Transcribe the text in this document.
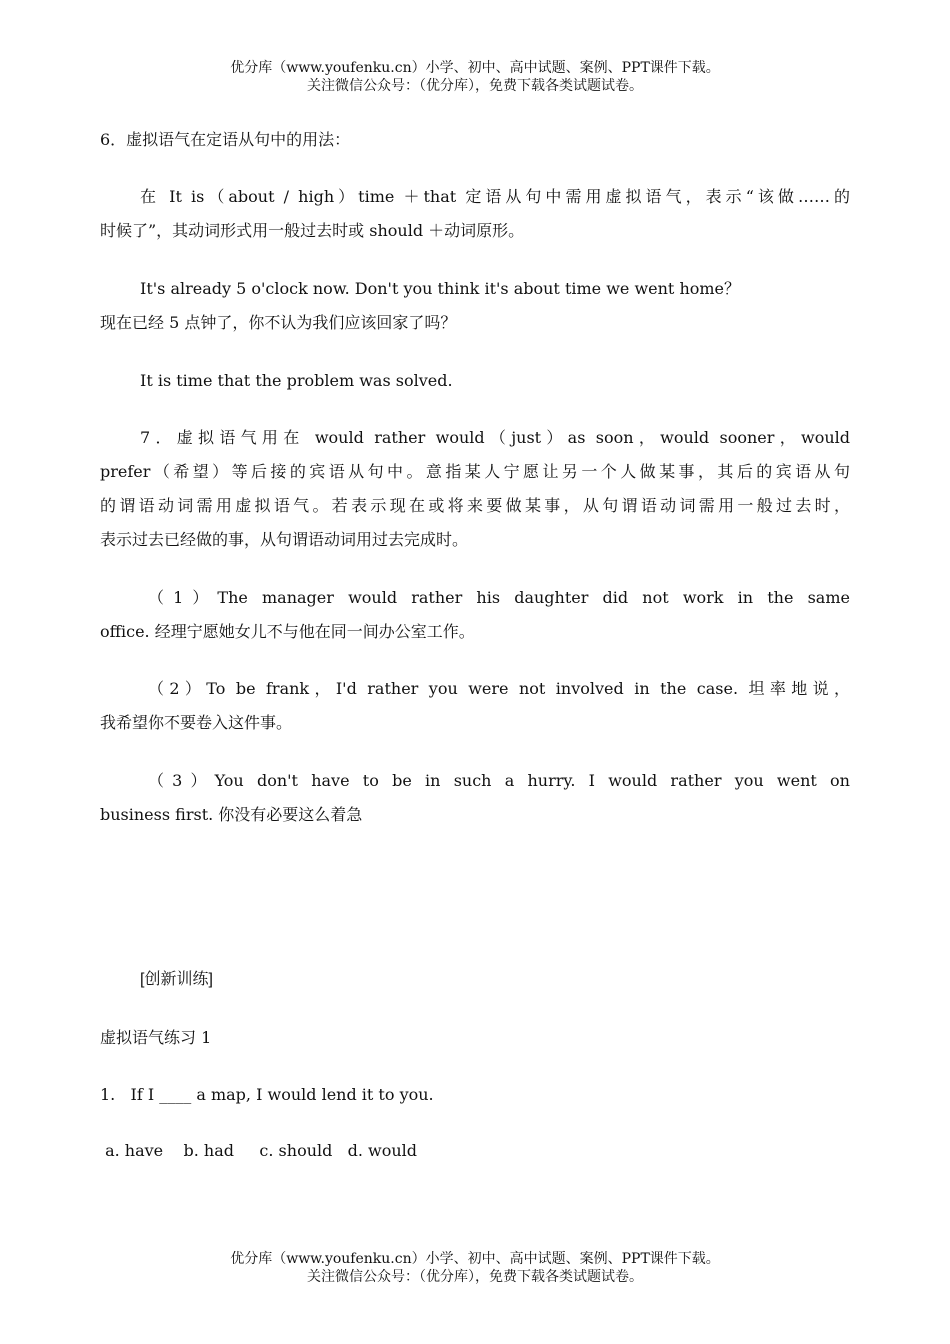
优分库（www.youfenku.cn）小学、初中、高中试题、案例、PPT课件下载。
关注微信公众号：（优分库），免费下载各类试题试卷。
6．虚拟语气在定语从句中的用法：
在 It is（about / high）time ＋that 定语从句中需用虚拟语气，表示“该做……的
时候了”，其动词形式用一般过去时或 should ＋动词原形。
It's already 5 o'clock now. Don't you think it's about time we went home？
现在已经 5 点钟了，你不认为我们应该回家了吗？
It is time that the problem was solved.
7．虚拟语气用在 would rather would（just）as soon，would sooner，would
prefer（希望）等后接的宾语从句中。意指某人宁愿让另一个人做某事，其后的宾语从句
的谓语动词需用虚拟语气。若表示现在或将来要做某事，从句谓语动词需用一般过去时，
表示过去已经做的事，从句谓语动词用过去完成时。
（1）The manager would rather his daughter did not work in the same
office. 经理宁愿她女儿不与他在同一间办公室工作。
（2）To be frank，I'd rather you were not involved in the case. 坦率地说，
我希望你不要卷入这件事。
（3）You don't have to be in such a hurry. I would rather you went on
business first. 你没有必要这么着急
[创新训练]
虚拟语气练习 1
1.   If I ____ a map, I would lend it to you.
a. have    b. had     c. should   d. would
优分库（www.youfenku.cn）小学、初中、高中试题、案例、PPT课件下载。
关注微信公众号：（优分库），免费下载各类试题试卷。
